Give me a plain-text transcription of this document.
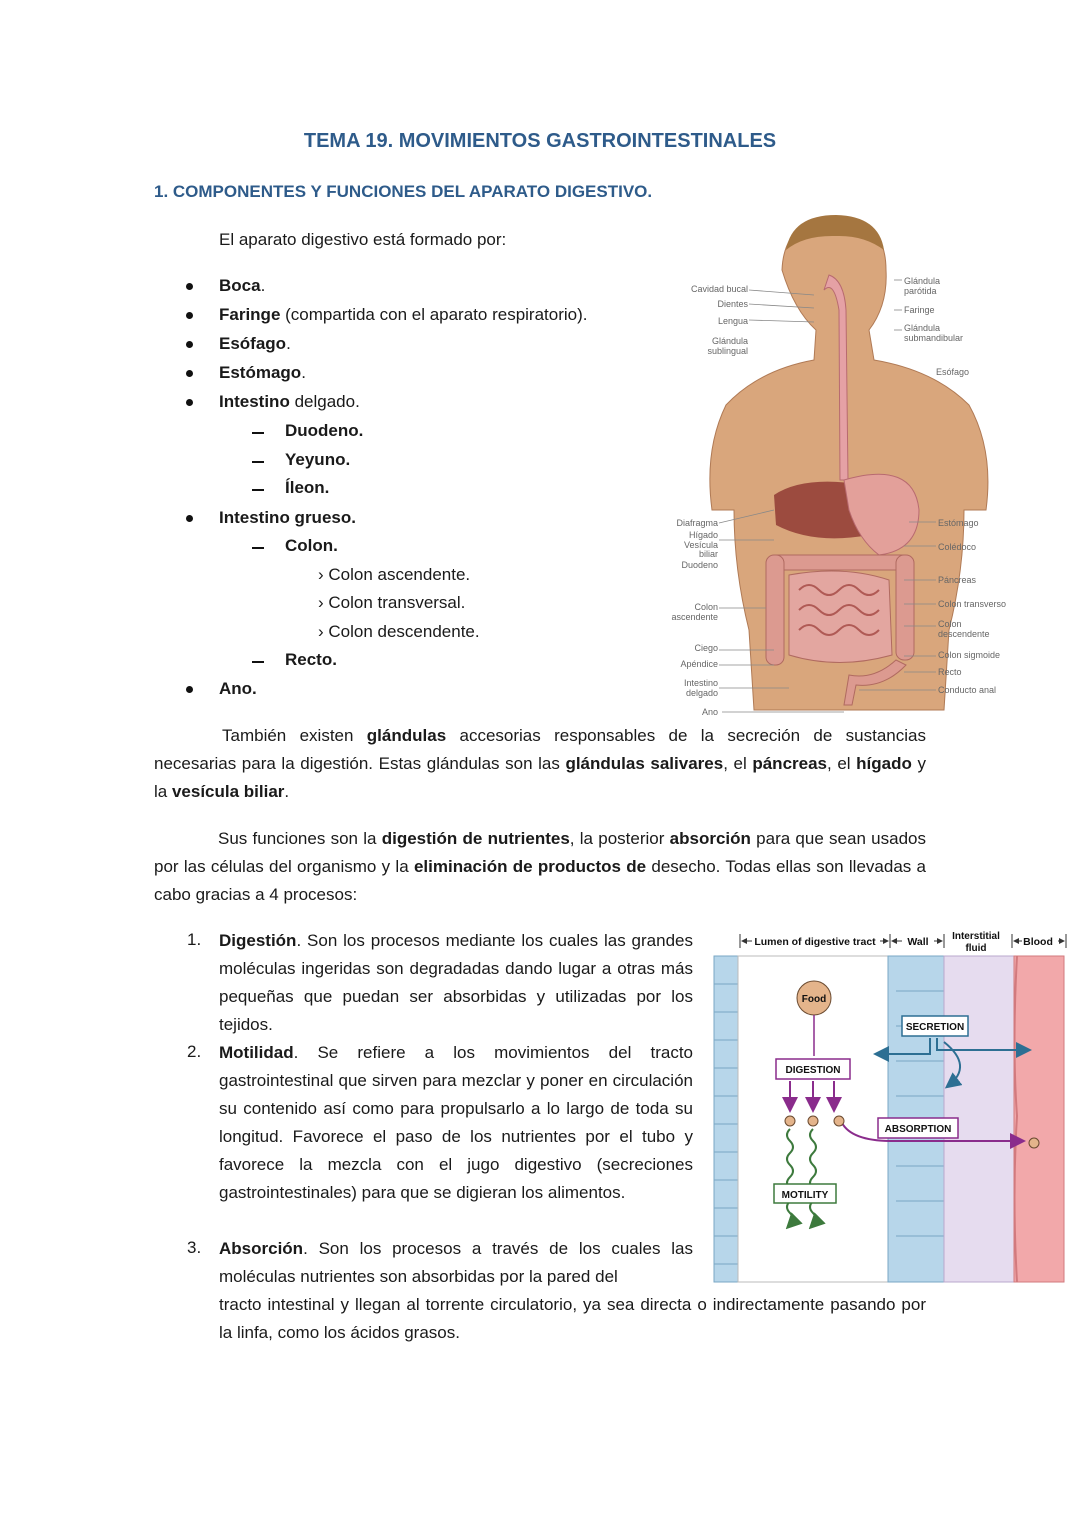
TEMA 19. MOVIMIENTOS GASTROINTESTINALES
1. COMPONENTES Y FUNCIONES DEL APARATO DIGESTIVO.
El aparato digestivo está formado por:
Boca.
Faringe (compartida con el aparato respiratorio).
Esófago.
Estómago.
Intestino delgado.
Duodeno.
Yeyuno.
Íleon.
Intestino grueso.
Colon.
› Colon ascendente.
› Colon transversal.
› Colon descendente.
Recto.
Ano.
Cavidad bucal
Dientes
Lengua
Glándula
sublingual
Diafragma
Hígado
Vesícula
biliar
Duodeno
Colon
ascendente
Ciego
Apéndice
Intestino
delgado
Ano
Glándula
parótida
Faringe
Glándula
submandibular
Esófago
Estómago
Colédoco
Páncreas
Colon transverso
Colon
descendente
Colon sigmoide
Recto
Conducto anal
También existen glándulas accesorias responsables de la secreción de sustancias necesarias para la digestión. Estas glándulas son las glándulas salivares, el páncreas, el hígado y la vesícula biliar.
Sus funciones son la digestión de nutrientes, la posterior absorción para que sean usados por las células del organismo y la eliminación de productos de desecho. Todas ellas son llevadas a cabo gracias a 4 procesos:
1. Digestión. Son los procesos mediante los cuales las grandes moléculas ingeridas son degradadas dando lugar a otras más pequeñas que puedan ser absorbidas y utilizadas por los tejidos.
2. Motilidad. Se refiere a los movimientos del tracto gastrointestinal que sirven para mezclar y poner en circulación su contenido así como para propulsarlo a lo largo de toda su longitud. Favorece el paso de los nutrientes por el tubo y favorece la mezcla con el jugo digestivo (secreciones gastrointestinales) para que se digieran los alimentos.
3. Absorción. Son los procesos a través de los cuales las moléculas nutrientes son absorbidas por la pared del
tracto intestinal y llegan al torrente circulatorio, ya sea directa o indirectamente pasando por la linfa, como los ácidos grasos.
Lumen of digestive tract	Wall Interstitial
fluid
Blood
Food
DIGESTION
SECRETION
ABSORPTION
MOTILITY
